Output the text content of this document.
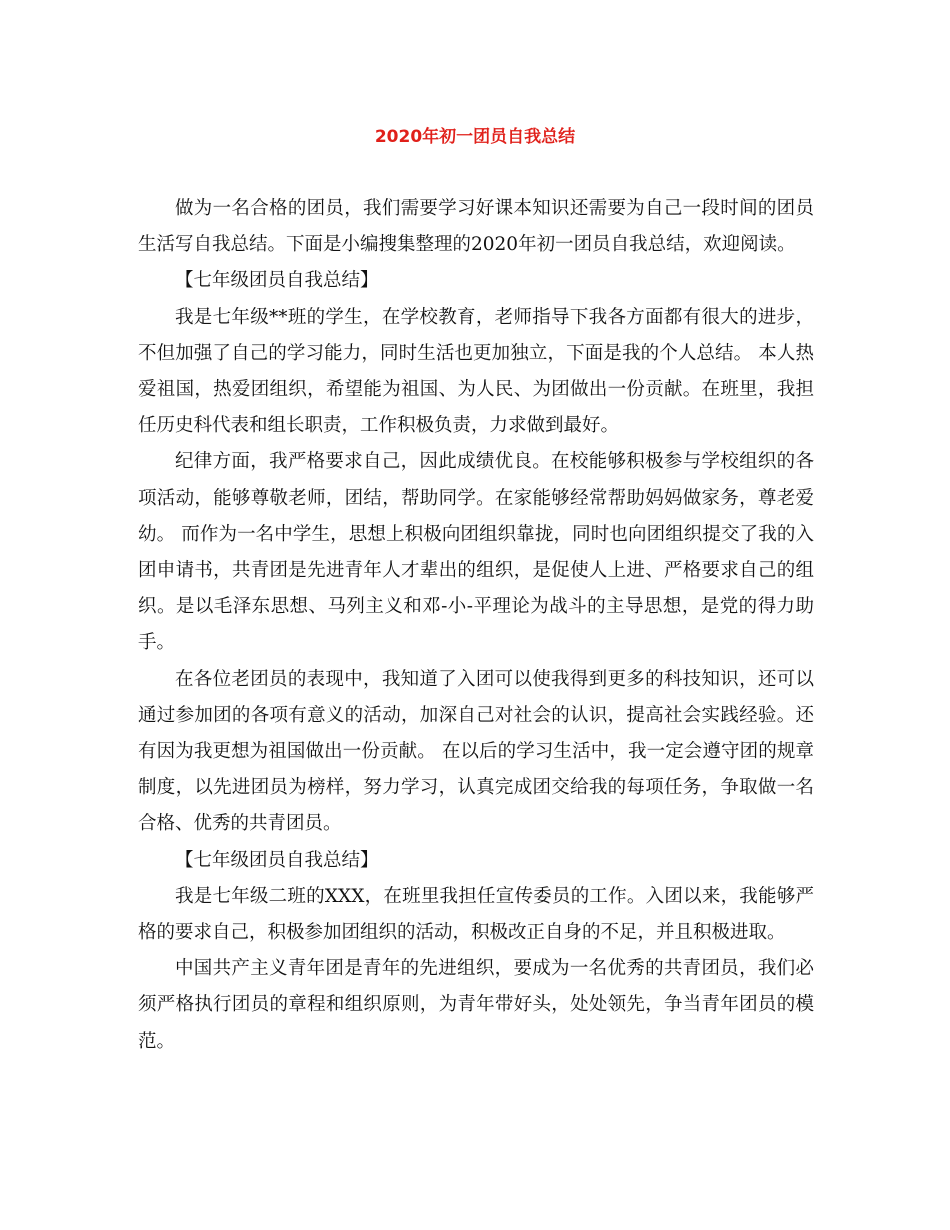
2020年初一团员自我总结

做为一名合格的团员，我们需要学习好课本知识还需要为自己一段时间的团员生活写自我总结。下面是小编搜集整理的2020年初一团员自我总结，欢迎阅读。

【七年级团员自我总结】

我是七年级**班的学生，在学校教育，老师指导下我各方面都有很大的进步，不但加强了自己的学习能力，同时生活也更加独立，下面是我的个人总结。 本人热爱祖国，热爱团组织，希望能为祖国、为人民、为团做出一份贡献。在班里，我担任历史科代表和组长职责，工作积极负责，力求做到最好。

纪律方面，我严格要求自己，因此成绩优良。在校能够积极参与学校组织的各项活动，能够尊敬老师，团结，帮助同学。在家能够经常帮助妈妈做家务，尊老爱幼。 而作为一名中学生，思想上积极向团组织靠拢，同时也向团组织提交了我的入团申请书，共青团是先进青年人才辈出的组织，是促使人上进、严格要求自己的组织。是以毛泽东思想、马列主义和邓-小-平理论为战斗的主导思想，是党的得力助手。

在各位老团员的表现中，我知道了入团可以使我得到更多的科技知识，还可以通过参加团的各项有意义的活动，加深自己对社会的认识，提高社会实践经验。还有因为我更想为祖国做出一份贡献。 在以后的学习生活中，我一定会遵守团的规章制度，以先进团员为榜样，努力学习，认真完成团交给我的每项任务，争取做一名合格、优秀的共青团员。

【七年级团员自我总结】

我是七年级二班的XXX，在班里我担任宣传委员的工作。入团以来，我能够严格的要求自己，积极参加团组织的活动，积极改正自身的不足，并且积极进取。

中国共产主义青年团是青年的先进组织，要成为一名优秀的共青团员，我们必须严格执行团员的章程和组织原则，为青年带好头，处处领先，争当青年团员的模范。
